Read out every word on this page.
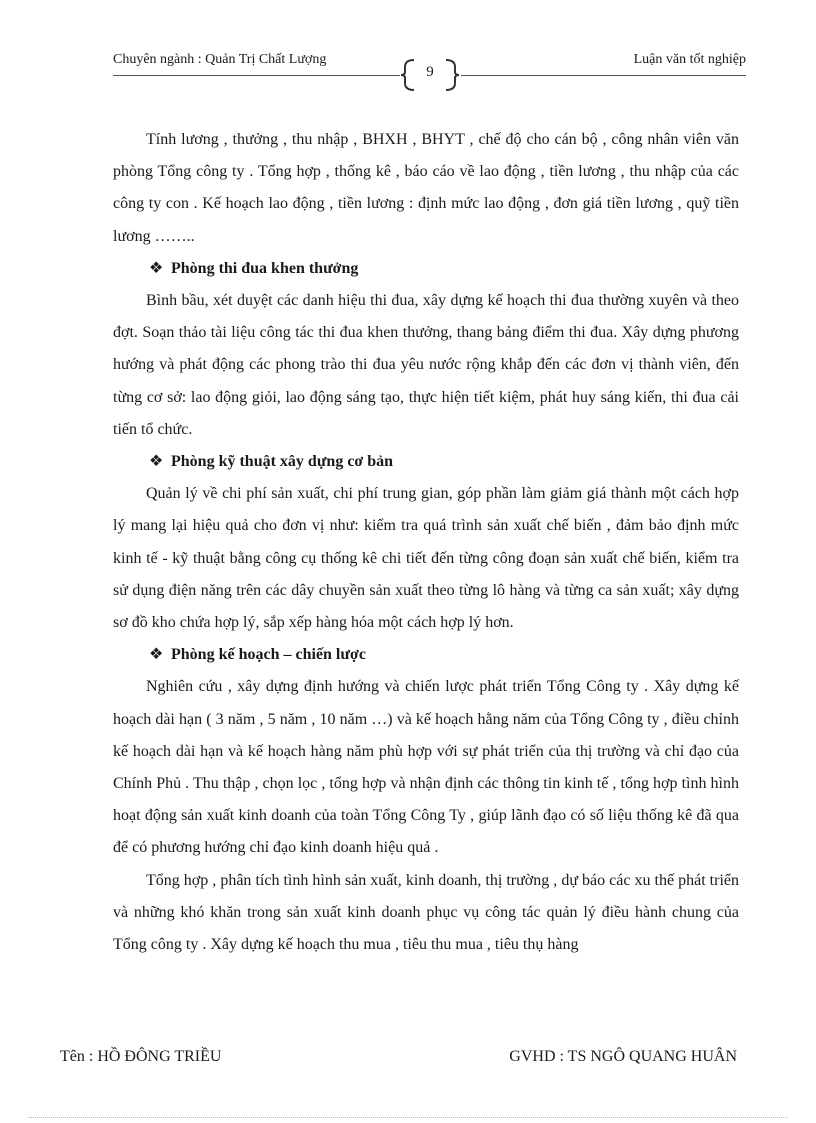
Chuyên ngành : Quản Trị Chất Lượng
9
Luận văn tốt nghiệp

Tính lương , thưởng , thu nhập , BHXH , BHYT , chế độ cho cán bộ , công nhân viên văn phòng Tổng công ty . Tổng hợp , thống kê , báo cáo về lao động , tiền lương , thu nhập của các công ty con . Kế hoạch lao động , tiền lương : định mức lao động , đơn giá tiền lương , quỹ tiền lương ……..

❖ Phòng thi đua khen thưởng

Bình bầu, xét duyệt các danh hiệu thi đua, xây dựng kế hoạch thi đua thường xuyên và theo đợt. Soạn thảo tài liệu công tác thi đua khen thưởng, thang bảng điểm thi đua. Xây dựng phương hướng và phát động các phong trào thi đua yêu nước rộng khắp đến các đơn vị thành viên, đến từng cơ sở: lao động giỏi, lao động sáng tạo, thực hiện tiết kiệm, phát huy sáng kiến, thi đua cải tiến tổ chức.

❖ Phòng kỹ thuật xây dựng cơ bản

Quản lý về chi phí sản xuất, chi phí trung gian, góp phần làm giảm giá thành một cách hợp lý mang lại hiệu quả cho đơn vị như: kiểm tra quá trình sản xuất chế biến , đảm bảo định mức kinh tế - kỹ thuật bằng công cụ thống kê chi tiết đến từng công đoạn sản xuất chế biến, kiểm tra sử dụng điện năng trên các dây chuyền sản xuất theo từng lô hàng và từng ca sản xuất; xây dựng sơ đồ kho chứa hợp lý, sắp xếp hàng hóa một cách hợp lý hơn.

❖ Phòng kế hoạch – chiến lược

Nghiên cứu , xây dựng định hướng và chiến lược phát triển Tổng Công ty . Xây dựng kế hoạch dài hạn ( 3 năm , 5 năm , 10 năm …) và kế hoạch hằng năm của Tổng Công ty , điều chỉnh kế hoạch dài hạn và kế hoạch hàng năm phù hợp với sự phát triển của thị trường và chỉ đạo của Chính Phủ . Thu thập , chọn lọc , tổng hợp và nhận định các thông tin kinh tế , tổng hợp tình hình hoạt động sản xuất kinh doanh của toàn Tổng Công Ty , giúp lãnh đạo có số liệu thống kê đã qua để có phương hướng chỉ đạo kinh doanh hiệu quả .

Tổng hợp , phân tích tình hình sản xuất, kinh doanh, thị trường , dự báo các xu thế phát triển và những khó khăn trong sản xuất kinh doanh phục vụ công tác quản lý điều hành chung của Tổng công ty . Xây dựng kế hoạch thu mua , tiêu thu mua , tiêu thụ hàng

Tên : HỒ ĐÔNG TRIỀU	GVHD : TS NGÔ QUANG HUÂN
